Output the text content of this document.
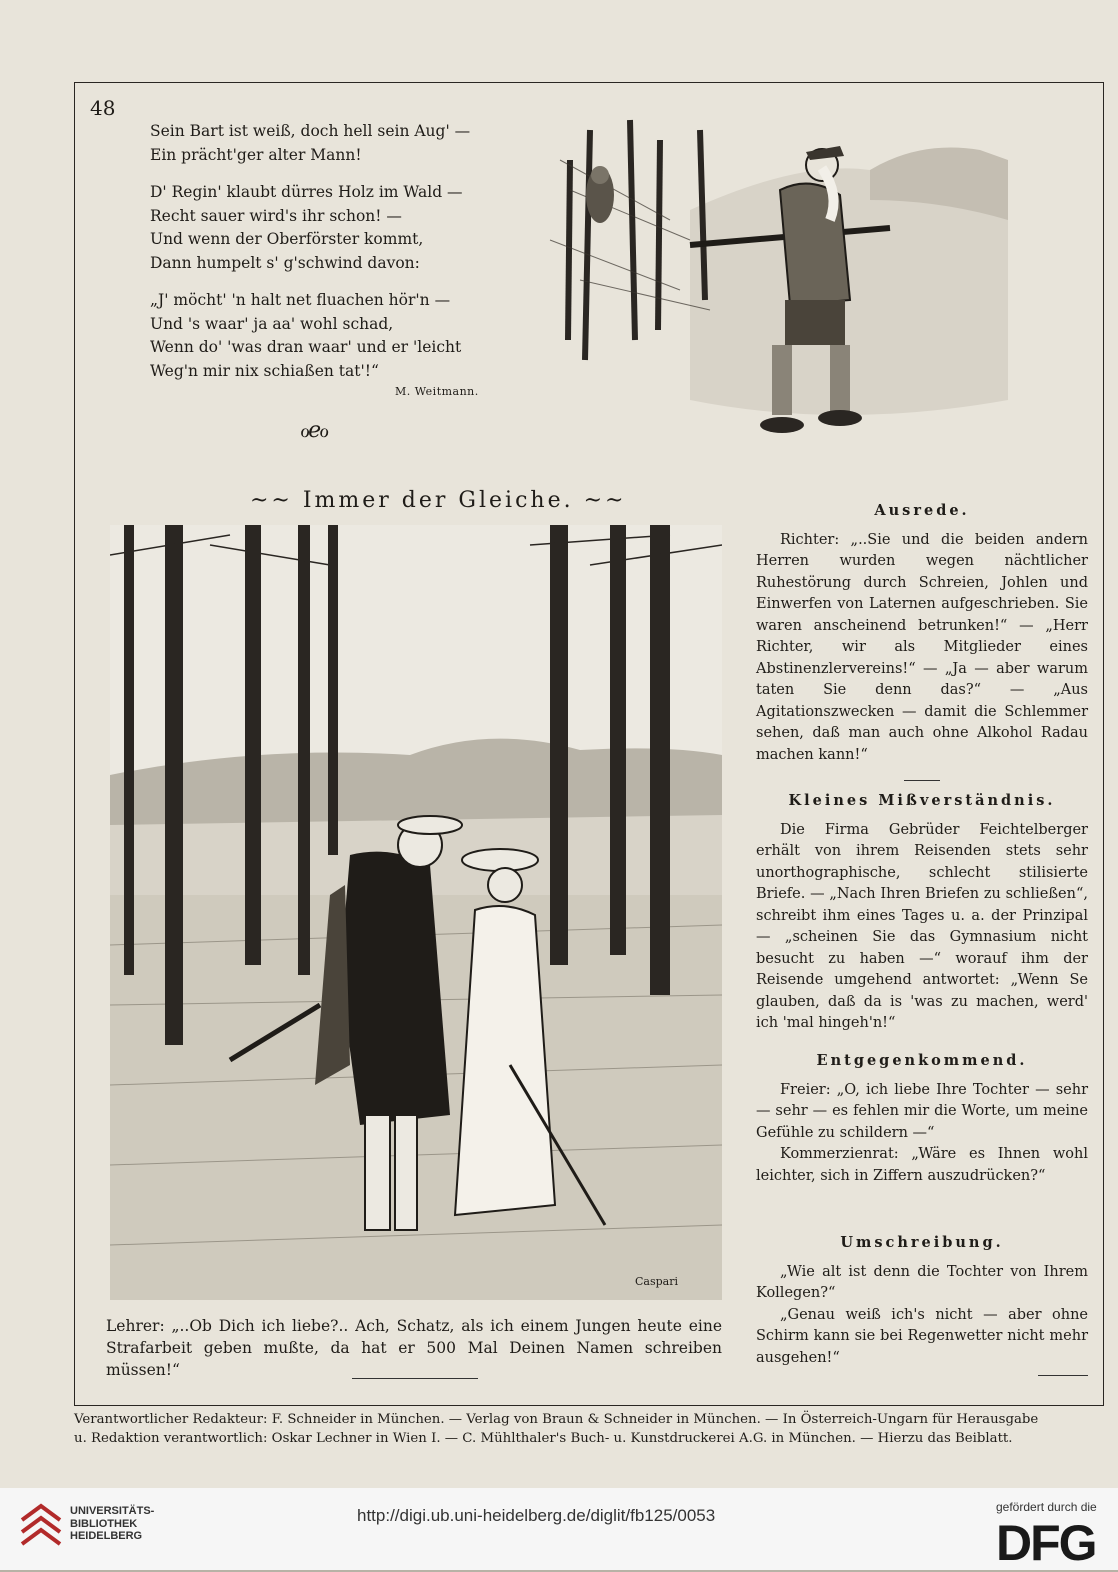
48
Sein Bart ist weiß, doch hell sein Aug' —
Ein prächt'ger alter Mann!
D' Regin' klaubt dürres Holz im Wald —
Recht sauer wird's ihr schon! —
Und wenn der Oberförster kommt,
Dann humpelt s' g'schwind davon:
„J' möcht' 'n halt net fluachen hör'n —
Und 's waar' ja aa' wohl schad,
Wenn do' 'was dran waar' und er 'leicht
Weg'n mir nix schiaßen tat'!“
M. Weitmann.
ℴℯℴ
~~ Immer der Gleiche. ~~
Caspari
Lehrer: „..Ob Dich ich liebe?.. Ach, Schatz, als ich einem Jungen heute eine Strafarbeit geben mußte, da hat er 500 Mal Deinen Namen schreiben müssen!“
Ausrede.

Richter: „..Sie und die beiden andern Herren wurden wegen nächtlicher Ruhestörung durch Schreien, Johlen und Einwerfen von Laternen aufgeschrieben. Sie waren anscheinend betrunken!“ — „Herr Richter, wir als Mitglieder eines Abstinenzlervereins!“ — „Ja — aber warum taten Sie denn das?“ — „Aus Agitationszwecken — damit die Schlemmer sehen, daß man auch ohne Alkohol Radau machen kann!“

Kleines Mißverständnis.

Die Firma Gebrüder Feichtelberger erhält von ihrem Reisenden stets sehr unorthographische, schlecht stilisierte Briefe. — „Nach Ihren Briefen zu schließen“, schreibt ihm eines Tages u. a. der Prinzipal — „scheinen Sie das Gymnasium nicht besucht zu haben —“ worauf ihm der Reisende umgehend antwortet: „Wenn Se glauben, daß da is 'was zu machen, werd' ich 'mal hingeh'n!“

Entgegenkommend.

Freier: „O, ich liebe Ihre Tochter — sehr — sehr — es fehlen mir die Worte, um meine Gefühle zu schildern —“

Kommerzienrat: „Wäre es Ihnen wohl leichter, sich in Ziffern auszudrücken?“

Umschreibung.

„Wie alt ist denn die Tochter von Ihrem Kollegen?“

„Genau weiß ich's nicht — aber ohne Schirm kann sie bei Regenwetter nicht mehr ausgehen!“

Verantwortlicher Redakteur: F. Schneider in München. — Verlag von Braun & Schneider in München. — In Österreich-Ungarn für Herausgabe
u. Redaktion verantwortlich: Oskar Lechner in Wien I. — C. Mühlthaler's Buch- u. Kunstdruckerei A.G. in München. — Hierzu das Beiblatt.
UNIVERSITÄTS-
BIBLIOTHEK
HEIDELBERG
http://digi.ub.uni-heidelberg.de/diglit/fb125/0053	gefördert durch die
DFG
